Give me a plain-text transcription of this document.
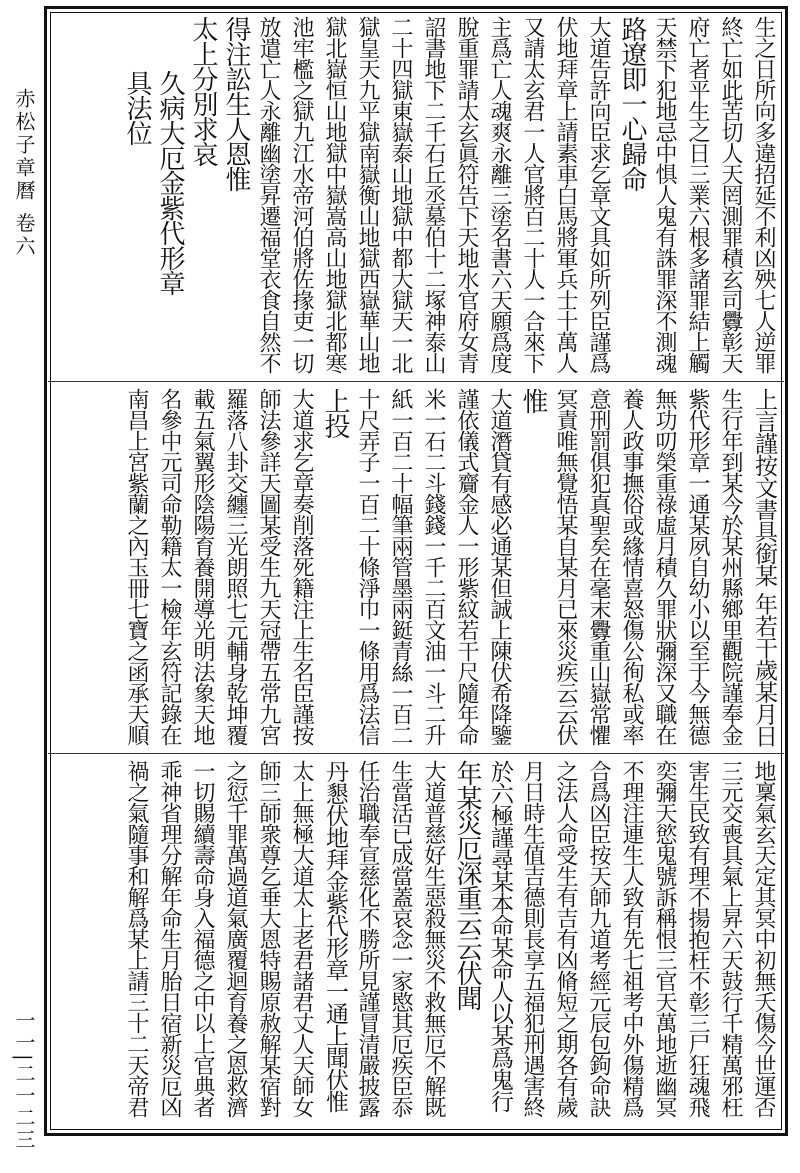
赤松子章曆 卷六
一一|二一二三
生之日所向多違招延不利凶殃七人逆罪
終亡如此苦切人天罔測罪積玄司釁彰天
府亡者平生之日三業六根多諸罪結上觸
天禁下犯地忌中惧人鬼有誅罪深不測魂
路遼即一心歸命
大道告許向臣求乞章文具如所列臣謹爲
伏地拜章上請素車白馬將軍兵士十萬人
又請太玄君一人官將百二十人一合來下
主爲亡人魂爽永離三塗名書六天願爲度
脫重罪請太玄眞符告下天地水官府女青
詔書地下二千石丘丞墓伯十二塚神泰山
二十四獄東嶽泰山地獄中都大獄天一北
獄皇天九平獄南嶽衡山地獄西嶽華山地
獄北嶽恒山地獄中嶽嵩高山地獄北都寒
池牢檻之獄九江水帝河伯將佐掾吏一切
放遣亡人永離幽塗昇遷福堂衣食自然不
得注訟生人恩惟
太上分別求哀
久病大厄金紫代形章
具法位
上言謹按文書具銜某 年若干歲某月日
生行年到某今於某州縣鄉里觀院謹奉金
紫代形章一通某夙自幼小以至于今無德
無功叨榮重祿虛月積久罪狀彌深又職在
養人政事撫俗或緣情喜怒傷公徇私或率
意刑罰俱犯真聖矣在毫末釁重山嶽常懼
冥責唯無覺悟某自某月已來災疾云云伏
惟
大道潛貸有感必通某但誠上陳伏希降鑒
謹依儀式齎金人一形紫紋若干尺隨年命
米一石二斗錢錢一千二百文油一斗二升
紙一百二十幅筆兩管墨兩鋌青絲一百二
十尺弄子一百二十條淨巾一條用爲法信
上投
大道求乞章奏削落死籍注上生名臣謹按
師法參詳天圖某受生九天冠帶五常九宮
羅落八卦交纏三光朗照七元輔身乾坤覆
載五氣翼形陰陽育養開導光明法象天地
名參中元司命勒籍太一檢年玄符記錄在
南昌上宮紫蘭之內玉冊七寶之函承天順
地稟氣玄天定其冥中初無夭傷今世運否
三元交喪具氣上昇六天鼓行千精萬邪枉
害生民致有理不揚抱枉不彰三尸狂魂飛
奕彌天慾鬼號訴稱恨三官天萬地逝幽冥
不理注連生人致有先七祖考中外傷精爲
合爲凶臣按天師九道考經元辰包鉤命訣
之法人命受生有吉有凶脩短之期各有歲
月日時生值吉德則長享五福犯刑遇害終
於六極謹尋某本命某命人以某爲鬼行
年某災厄深重云云伏聞
大道普慈好生惡殺無災不救無厄不解既
生當活已成當蓋哀念一家愍其厄疾臣忝
任治職奉宣慈化不勝所見謹冒清嚴披露
丹懇伏地拜金紫代形章一通上聞伏惟
太上無極大道太上老君諸君丈人天師女
師三師衆尊乞垂大恩特賜原赦解某宿對
之愆千罪萬過道氣廣覆迴育養之恩救濟
一切賜續壽命身入福德之中以上官典者
乖神省理分解年命生月胎日宿新災厄凶
禍之氣隨事和解爲某上請三十二天帝君
